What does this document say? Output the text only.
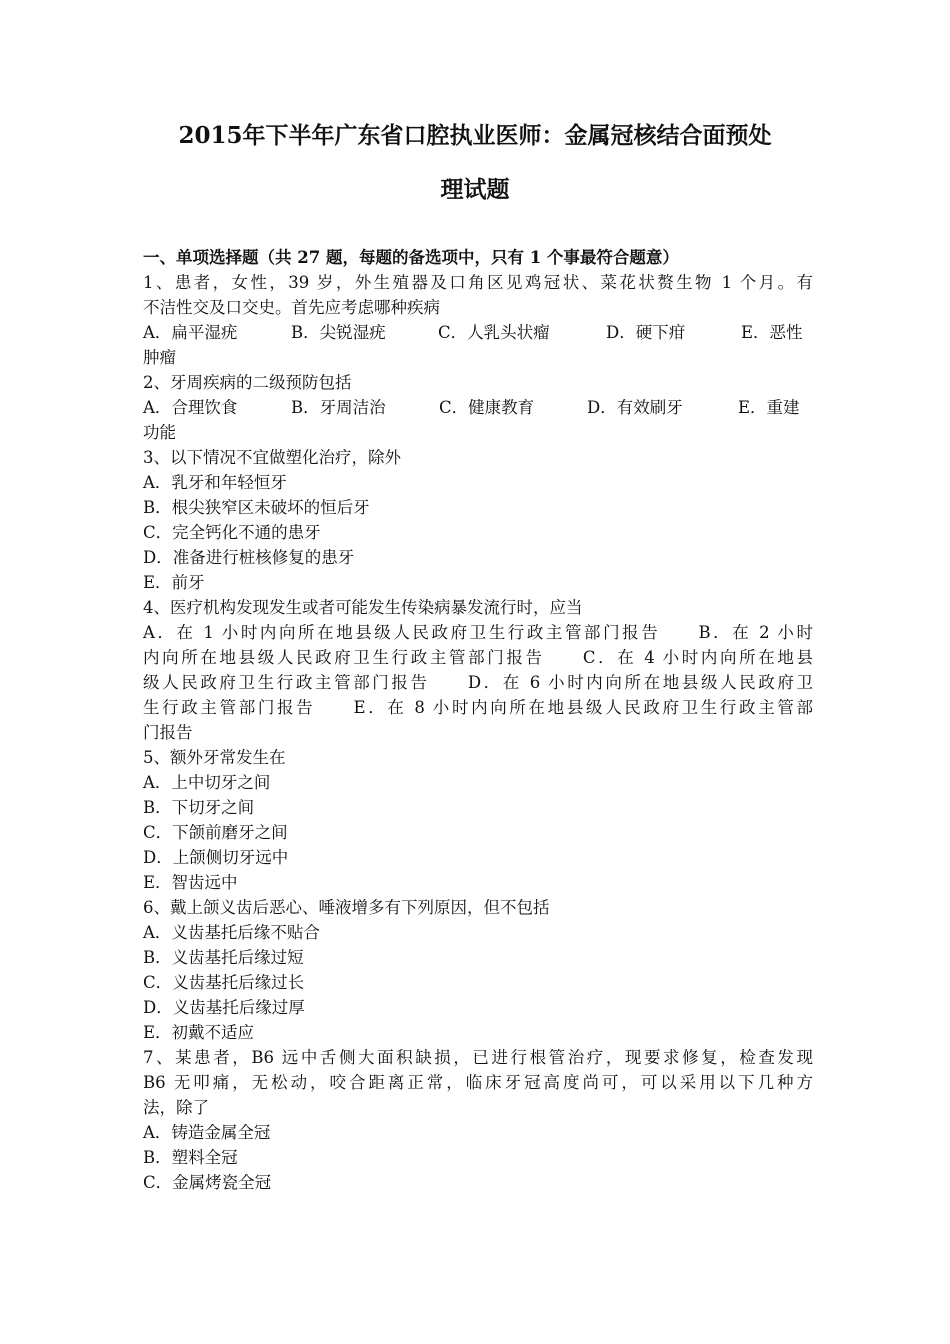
2015年下半年广东省口腔执业医师：金属冠核结合面预处
理试题
一、单项选择题（共 27 题，每题的备选项中，只有 1 个事最符合题意）
1、患者，女性，39 岁，外生殖器及口角区见鸡冠状、菜花状赘生物 1 个月。有
不洁性交及口交史。首先应考虑哪种疾病
A．扁平湿疣	B．尖锐湿疣	C．人乳头状瘤	D．硬下疳	E．恶性
肿瘤
2、牙周疾病的二级预防包括
A．合理饮食	B．牙周洁治	C．健康教育	D．有效刷牙	E．重建
功能
3、以下情况不宜做塑化治疗，除外
A．乳牙和年轻恒牙
B．根尖狭窄区未破坏的恒后牙
C．完全钙化不通的患牙
D．准备进行桩核修复的患牙
E．前牙
4、医疗机构发现发生或者可能发生传染病暴发流行时，应当
A．在 1 小时内向所在地县级人民政府卫生行政主管部门报告　　B．在 2 小时
内向所在地县级人民政府卫生行政主管部门报告　　C．在 4 小时内向所在地县
级人民政府卫生行政主管部门报告　　D．在 6 小时内向所在地县级人民政府卫
生行政主管部门报告　　E．在 8 小时内向所在地县级人民政府卫生行政主管部
门报告
5、额外牙常发生在
A．上中切牙之间
B．下切牙之间
C．下颌前磨牙之间
D．上颌侧切牙远中
E．智齿远中
6、戴上颌义齿后恶心、唾液增多有下列原因，但不包括
A．义齿基托后缘不贴合
B．义齿基托后缘过短
C．义齿基托后缘过长
D．义齿基托后缘过厚
E．初戴不适应
7、某患者，B6 远中舌侧大面积缺损，已进行根管治疗，现要求修复，检查发现
B6 无叩痛，无松动，咬合距离正常，临床牙冠高度尚可，可以采用以下几种方
法，除了
A．铸造金属全冠
B．塑料全冠
C．金属烤瓷全冠
